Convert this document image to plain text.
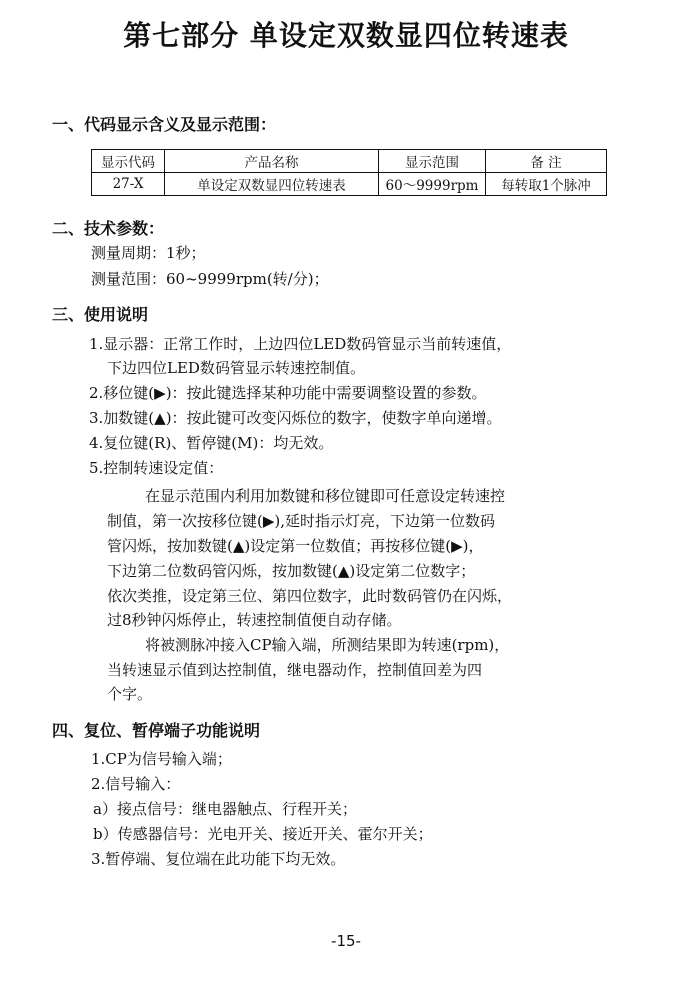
第七部分 单设定双数显四位转速表
一、代码显示含义及显示范围：
显示代码	产品名称	显示范围	备 注
27-X	单设定双数显四位转速表	60～9999rpm	每转取1个脉冲
二、技术参数：
测量周期：1秒；
测量范围：60~9999rpm(转/分)；
三、使用说明
1.显示器：正常工作时，上边四位LED数码管显示当前转速值，
下边四位LED数码管显示转速控制值。
2.移位键(▶)：按此键选择某种功能中需要调整设置的参数。
3.加数键(▲)：按此键可改变闪烁位的数字，使数字单向递增。
4.复位键(R)、暂停键(M)：均无效。
5.控制转速设定值：
在显示范围内利用加数键和移位键即可任意设定转速控
制值，第一次按移位键(▶),延时指示灯亮，下边第一位数码
管闪烁，按加数键(▲)设定第一位数值；再按移位键(▶)，
下边第二位数码管闪烁，按加数键(▲)设定第二位数字；
依次类推，设定第三位、第四位数字，此时数码管仍在闪烁，
过8秒钟闪烁停止，转速控制值便自动存储。
将被测脉冲接入CP输入端，所测结果即为转速(rpm)，
当转速显示值到达控制值，继电器动作，控制值回差为四
个字。
四、复位、暂停端子功能说明
1.CP为信号输入端；
2.信号输入：
a）接点信号：继电器触点、行程开关；
b）传感器信号：光电开关、接近开关、霍尔开关；
3.暂停端、复位端在此功能下均无效。
-15-
